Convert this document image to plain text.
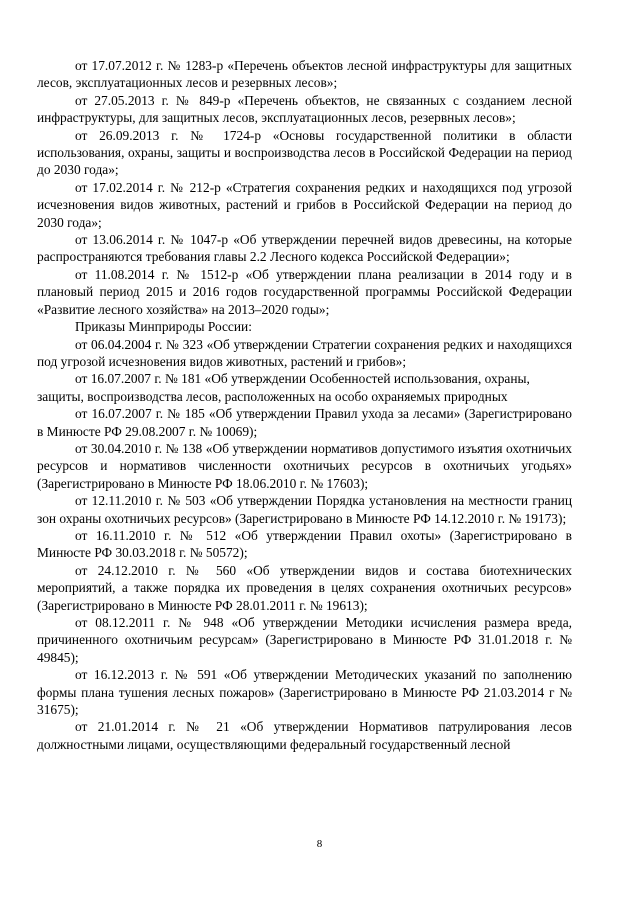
от 17.07.2012 г. № 1283-р «Перечень объектов лесной инфраструктуры для защитных лесов, эксплуатационных лесов и резервных лесов»;

от 27.05.2013 г. № 849-р «Перечень объектов, не связанных с созданием лесной инфраструктуры, для защитных лесов, эксплуатационных лесов, резервных лесов»;

от 26.09.2013 г. № 1724-р «Основы государственной политики в области использования, охраны, защиты и воспроизводства лесов в Российской Федерации на период до 2030 года»;

от 17.02.2014 г. № 212-р «Стратегия сохранения редких и находящихся под угрозой исчезновения видов животных, растений и грибов в Российской Федерации на период до 2030 года»;

от 13.06.2014 г. № 1047-р «Об утверждении перечней видов древесины, на которые распространяются требования главы 2.2 Лесного кодекса Российской Федерации»;

от 11.08.2014 г. № 1512-р «Об утверждении плана реализации в 2014 году и в плановый период 2015 и 2016 годов государственной программы Российской Федерации «Развитие лесного хозяйства» на 2013–2020 годы»;

Приказы Минприроды России:

от 06.04.2004 г. № 323 «Об утверждении Стратегии сохранения редких и находящихся под угрозой исчезновения видов животных, растений и грибов»;

от 16.07.2007 г. № 181 «Об утверждении Особенностей использования, охраны, защиты, воспроизводства лесов, расположенных на особо охраняемых природных

от 16.07.2007 г. № 185 «Об утверждении Правил ухода за лесами» (Зарегистрировано в Минюсте РФ 29.08.2007 г. № 10069);

от 30.04.2010 г. № 138 «Об утверждении нормативов допустимого изъятия охотничьих ресурсов и нормативов численности охотничьих ресурсов в охотничьих угодьях» (Зарегистрировано в Минюсте РФ 18.06.2010 г. № 17603);

от 12.11.2010 г. № 503 «Об утверждении Порядка установления на местности границ зон охраны охотничьих ресурсов» (Зарегистрировано в Минюсте РФ 14.12.2010 г. № 19173);

от 16.11.2010 г. № 512 «Об утверждении Правил охоты» (Зарегистрировано в Минюсте РФ 30.03.2018 г. № 50572);

от 24.12.2010 г. № 560 «Об утверждении видов и состава биотехнических мероприятий, а также порядка их проведения в целях сохранения охотничьих ресурсов» (Зарегистрировано в Минюсте РФ 28.01.2011 г. № 19613);

от 08.12.2011 г. № 948 «Об утверждении Методики исчисления размера вреда, причиненного охотничьим ресурсам» (Зарегистрировано в Минюсте РФ 31.01.2018 г. № 49845);

от 16.12.2013 г. № 591 «Об утверждении Методических указаний по заполнению формы плана тушения лесных пожаров» (Зарегистрировано в Минюсте РФ 21.03.2014 г № 31675);

от 21.01.2014 г. № 21 «Об утверждении Нормативов патрулирования лесов должностными лицами, осуществляющими федеральный государственный лесной

8
